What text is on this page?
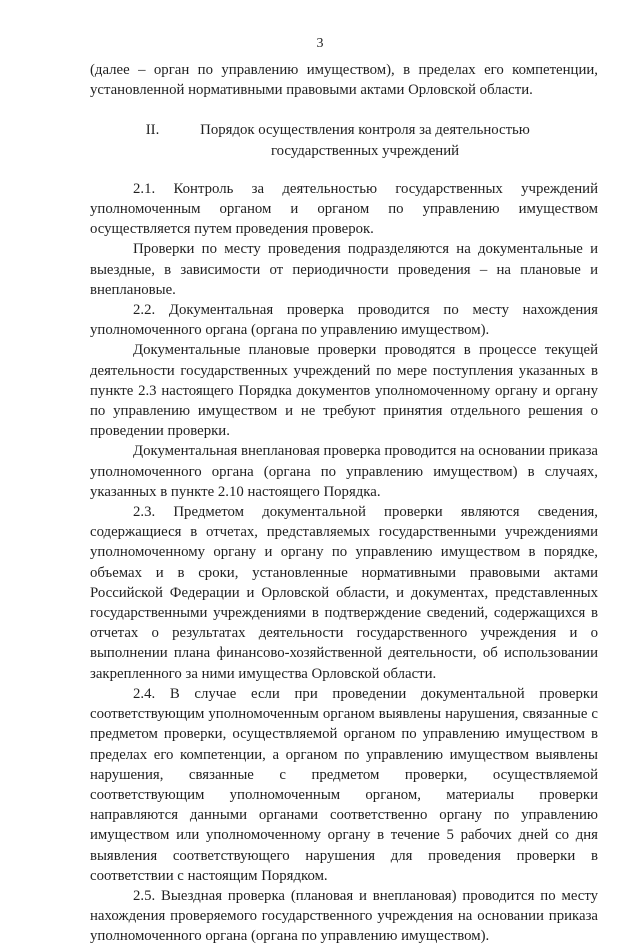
3

(далее – орган по управлению имуществом), в пределах его компетенции, установленной нормативными правовыми актами Орловской области.

II.	Порядок осуществления контроля за деятельностью государственных учреждений

2.1. Контроль за деятельностью государственных учреждений уполномоченным органом и органом по управлению имуществом осуществляется путем проведения проверок.

Проверки по месту проведения подразделяются на документальные и выездные, в зависимости от периодичности проведения – на плановые и внеплановые.

2.2. Документальная проверка проводится по месту нахождения уполномоченного органа (органа по управлению имуществом).

Документальные плановые проверки проводятся в процессе текущей деятельности государственных учреждений по мере поступления указанных в пункте 2.3 настоящего Порядка документов уполномоченному органу и органу по управлению имуществом и не требуют принятия отдельного решения о проведении проверки.

Документальная внеплановая проверка проводится на основании приказа уполномоченного органа (органа по управлению имуществом) в случаях, указанных в пункте 2.10 настоящего Порядка.

2.3. Предметом документальной проверки являются сведения, содержащиеся в отчетах, представляемых государственными учреждениями уполномоченному органу и органу по управлению имуществом в порядке, объемах и в сроки, установленные нормативными правовыми актами Российской Федерации и Орловской области, и документах, представленных государственными учреждениями в подтверждение сведений, содержащихся в отчетах о результатах деятельности государственного учреждения и о выполнении плана финансово-хозяйственной деятельности, об использовании закрепленного за ними имущества Орловской области.

2.4. В случае если при проведении документальной проверки соответствующим уполномоченным органом выявлены нарушения, связанные с предметом проверки, осуществляемой органом по управлению имуществом в пределах его компетенции, а органом по управлению имуществом выявлены нарушения, связанные с предметом проверки, осуществляемой соответствующим уполномоченным органом, материалы проверки направляются данными органами соответственно органу по управлению имуществом или уполномоченному органу в течение 5 рабочих дней со дня выявления соответствующего нарушения для проведения проверки в соответствии с настоящим Порядком.

2.5. Выездная проверка (плановая и внеплановая) проводится по месту нахождения проверяемого государственного учреждения на основании приказа уполномоченного органа (органа по управлению имуществом).
